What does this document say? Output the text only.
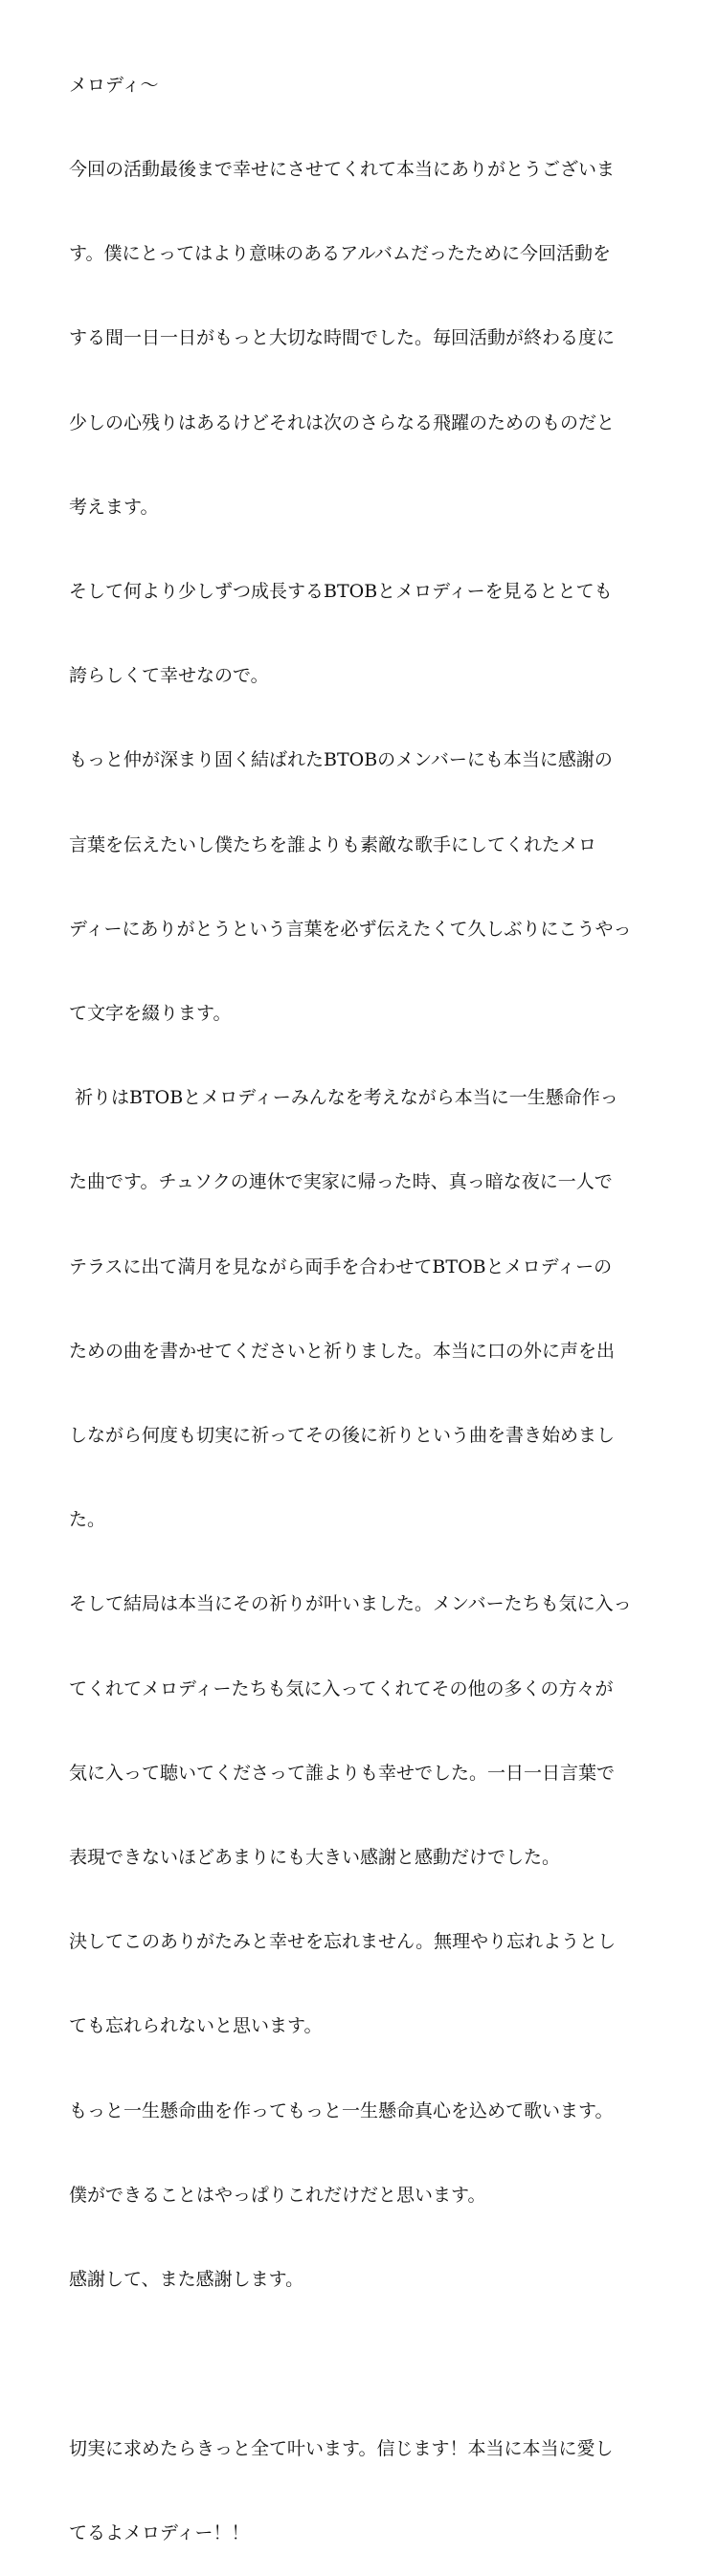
メロディ〜

今回の活動最後まで幸せにさせてくれて本当にありがとうございま

す。僕にとってはより意味のあるアルバムだったために今回活動を

する間一日一日がもっと大切な時間でした。毎回活動が終わる度に

少しの心残りはあるけどそれは次のさらなる飛躍のためのものだと

考えます。

そして何より少しずつ成長するBTOBとメロディーを見るととても

誇らしくて幸せなので。

もっと仲が深まり固く結ばれたBTOBのメンバーにも本当に感謝の

言葉を伝えたいし僕たちを誰よりも素敵な歌手にしてくれたメロ

ディーにありがとうという言葉を必ず伝えたくて久しぶりにこうやっ

て文字を綴ります。

祈りはBTOBとメロディーみんなを考えながら本当に一生懸命作っ

た曲です。チュソクの連休で実家に帰った時、真っ暗な夜に一人で

テラスに出て満月を見ながら両手を合わせてBTOBとメロディーの

ための曲を書かせてくださいと祈りました。本当に口の外に声を出

しながら何度も切実に祈ってその後に祈りという曲を書き始めまし

た。

そして結局は本当にその祈りが叶いました。メンバーたちも気に入っ

てくれてメロディーたちも気に入ってくれてその他の多くの方々が

気に入って聴いてくださって誰よりも幸せでした。一日一日言葉で

表現できないほどあまりにも大きい感謝と感動だけでした。

決してこのありがたみと幸せを忘れません。無理やり忘れようとし

ても忘れられないと思います。

もっと一生懸命曲を作ってもっと一生懸命真心を込めて歌います。

僕ができることはやっぱりこれだけだと思います。

感謝して、また感謝します。

切実に求めたらきっと全て叶います。信じます！本当に本当に愛し

てるよメロディー！！
